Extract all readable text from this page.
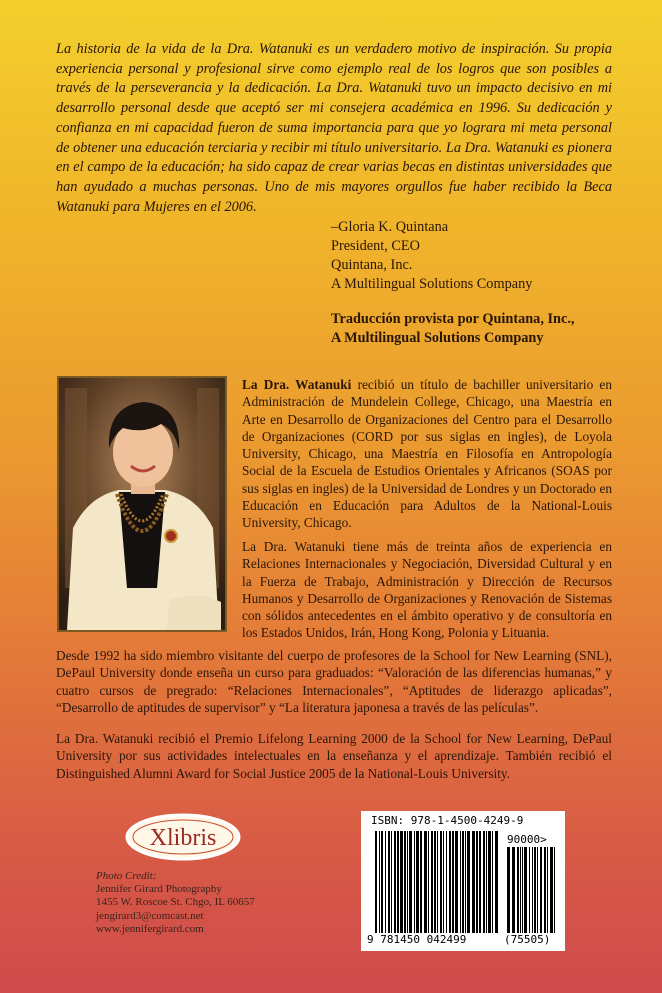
La historia de la vida de la Dra. Watanuki es un verdadero motivo de inspiración. Su propia experiencia personal y profesional sirve como ejemplo real de los logros que son posibles a través de la perseverancia y la dedicación. La Dra. Watanuki tuvo un impacto decisivo en mi desarrollo personal desde que aceptó ser mi consejera académica en 1996. Su dedicación y confianza en mi capacidad fueron de suma importancia para que yo lograra mi meta personal de obtener una educación terciaria y recibir mi título universitario. La Dra. Watanuki es pionera en el campo de la educación; ha sido capaz de crear varias becas en distintas universidades que han ayudado a muchas personas. Uno de mis mayores orgullos fue haber recibido la Beca Watanuki para Mujeres en el 2006.

–Gloria K. Quintana
President, CEO
Quintana, Inc.
A Multilingual Solutions Company
Traducción provista por Quintana, Inc.,
A Multilingual Solutions Company

La Dra. Watanuki recibió un título de bachiller universitario en Administración de Mundelein College, Chicago, una Maestría en Arte en Desarrollo de Organizaciones del Centro para el Desarrollo de Organizaciones (CORD por sus siglas en ingles), de Loyola University, Chicago, una Maestría en Filosofía en Antropología Social de la Escuela de Estudios Orientales y Africanos (SOAS por sus siglas en ingles) de la Universidad de Londres y un Doctorado en Educación en Educación para Adultos de la National-Louis University, Chicago.

La Dra. Watanuki tiene más de treinta años de experiencia en Relaciones Internacionales y Negociación, Diversidad Cultural y en la Fuerza de Trabajo, Administración y Dirección de Recursos Humanos y Desarrollo de Organizaciones y Renovación de Sistemas con sólidos antecedentes en el ámbito operativo y de consultoría en los Estados Unidos, Irán, Hong Kong, Polonia y Lituania.

Desde 1992 ha sido miembro visitante del cuerpo de profesores de la School for New Learning (SNL), DePaul University donde enseña un curso para graduados: “Valoración de las diferencias humanas,” y cuatro cursos de pregrado: “Relaciones Internacionales”, “Aptitudes de liderazgo aplicadas”, “Desarrollo de aptitudes de supervisor” y “La literatura japonesa a través de las películas”.

La Dra. Watanuki recibió el Premio Lifelong Learning 2000 de la School for New Learning, DePaul University por sus actividades intelectuales en la enseñanza y el aprendizaje. También recibió el Distinguished Alumni Award for Social Justice 2005 de la National-Louis University.

Xlibris
Photo Credit:
Jennifer Girard Photography
1455 W. Roscoe St. Chgo, IL 60657
jengirard3@comcast.net
www.jennifergirard.com
ISBN: 978-1-4500-4249-9
90000>
9 781450 042499	(75505)
